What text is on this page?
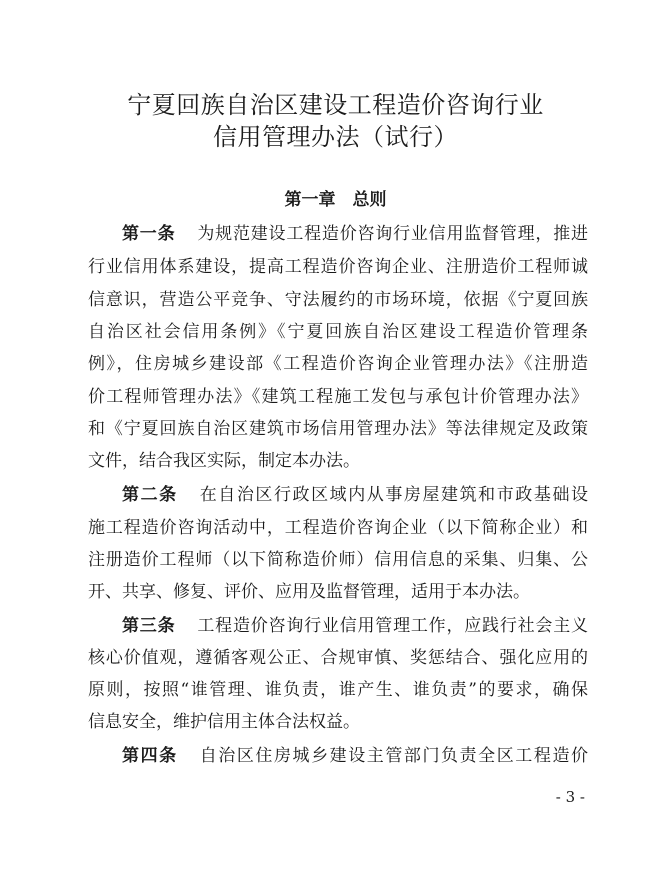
宁夏回族自治区建设工程造价咨询行业
信用管理办法（试行）
第一章　总则
第一条 为规范建设工程造价咨询行业信用监督管理，推进
行业信用体系建设，提高工程造价咨询企业、注册造价工程师诚
信意识，营造公平竞争、守法履约的市场环境，依据《宁夏回族
自治区社会信用条例》《宁夏回族自治区建设工程造价管理条
例》，住房城乡建设部《工程造价咨询企业管理办法》《注册造
价工程师管理办法》《建筑工程施工发包与承包计价管理办法》
和《宁夏回族自治区建筑市场信用管理办法》等法律规定及政策
文件，结合我区实际，制定本办法。
第二条 在自治区行政区域内从事房屋建筑和市政基础设
施工程造价咨询活动中，工程造价咨询企业（以下简称企业）和
注册造价工程师（以下简称造价师）信用信息的采集、归集、公
开、共享、修复、评价、应用及监督管理，适用于本办法。
第三条 工程造价咨询行业信用管理工作，应践行社会主义
核心价值观，遵循客观公正、合规审慎、奖惩结合、强化应用的
原则，按照“谁管理、谁负责，谁产生、谁负责”的要求，确保
信息安全，维护信用主体合法权益。
第四条 自治区住房城乡建设主管部门负责全区工程造价
- 3 -
